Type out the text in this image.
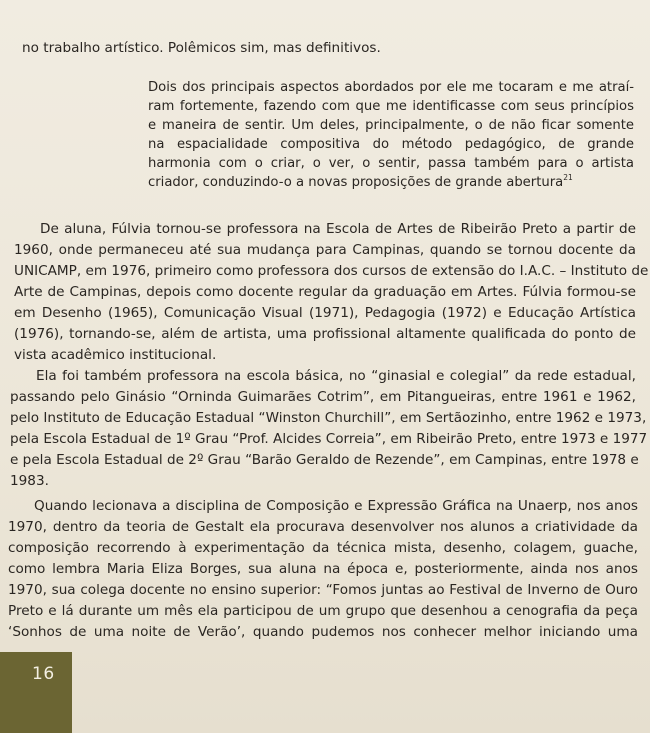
no trabalho artístico. Polêmicos sim, mas definitivos.
Dois dos principais aspectos abordados por ele me tocaram e me atraí-
ram fortemente, fazendo com que me identificasse com seus princípios
e maneira de sentir. Um deles, principalmente, o de não ficar somente
na espacialidade compositiva do método pedagógico, de grande
harmonia com o criar, o ver, o sentir, passa também para o artista
criador, conduzindo-o a novas proposições de grande abertura$^{21}$
De aluna, Fúlvia tornou-se professora na Escola de Artes de Ribeirão Preto a partir de
1960, onde permaneceu até sua mudança para Campinas, quando se tornou docente da
UNICAMP, em 1976, primeiro como professora dos cursos de extensão do I.A.C. – Instituto de
Arte de Campinas, depois como docente regular da graduação em Artes. Fúlvia formou-se
em Desenho (1965), Comunicação Visual (1971), Pedagogia (1972) e Educação Artística
(1976), tornando-se, além de artista, uma profissional altamente qualificada do ponto de
vista acadêmico institucional.
Ela foi também professora na escola básica, no “ginasial e colegial” da rede estadual,
passando pelo Ginásio “Orninda Guimarães Cotrim”, em Pitangueiras, entre 1961 e 1962,
pelo Instituto de Educação Estadual “Winston Churchill”, em Sertãozinho, entre 1962 e 1973,
pela Escola Estadual de 1º Grau “Prof. Alcides Correia”, em Ribeirão Preto, entre 1973 e 1977
e pela Escola Estadual de 2º Grau “Barão Geraldo de Rezende”, em Campinas, entre 1978 e
1983.
Quando lecionava a disciplina de Composição e Expressão Gráfica na Unaerp, nos anos
1970, dentro da teoria de Gestalt ela procurava desenvolver nos alunos a criatividade da
composição recorrendo à experimentação da técnica mista, desenho, colagem, guache,
como lembra Maria Eliza Borges, sua aluna na época e, posteriormente, ainda nos anos
1970, sua colega docente no ensino superior: “Fomos juntas ao Festival de Inverno de Ouro
Preto e lá durante um mês ela participou de um grupo que desenhou a cenografia da peça
‘Sonhos de uma noite de Verão’, quando pudemos nos conhecer melhor iniciando uma
16
